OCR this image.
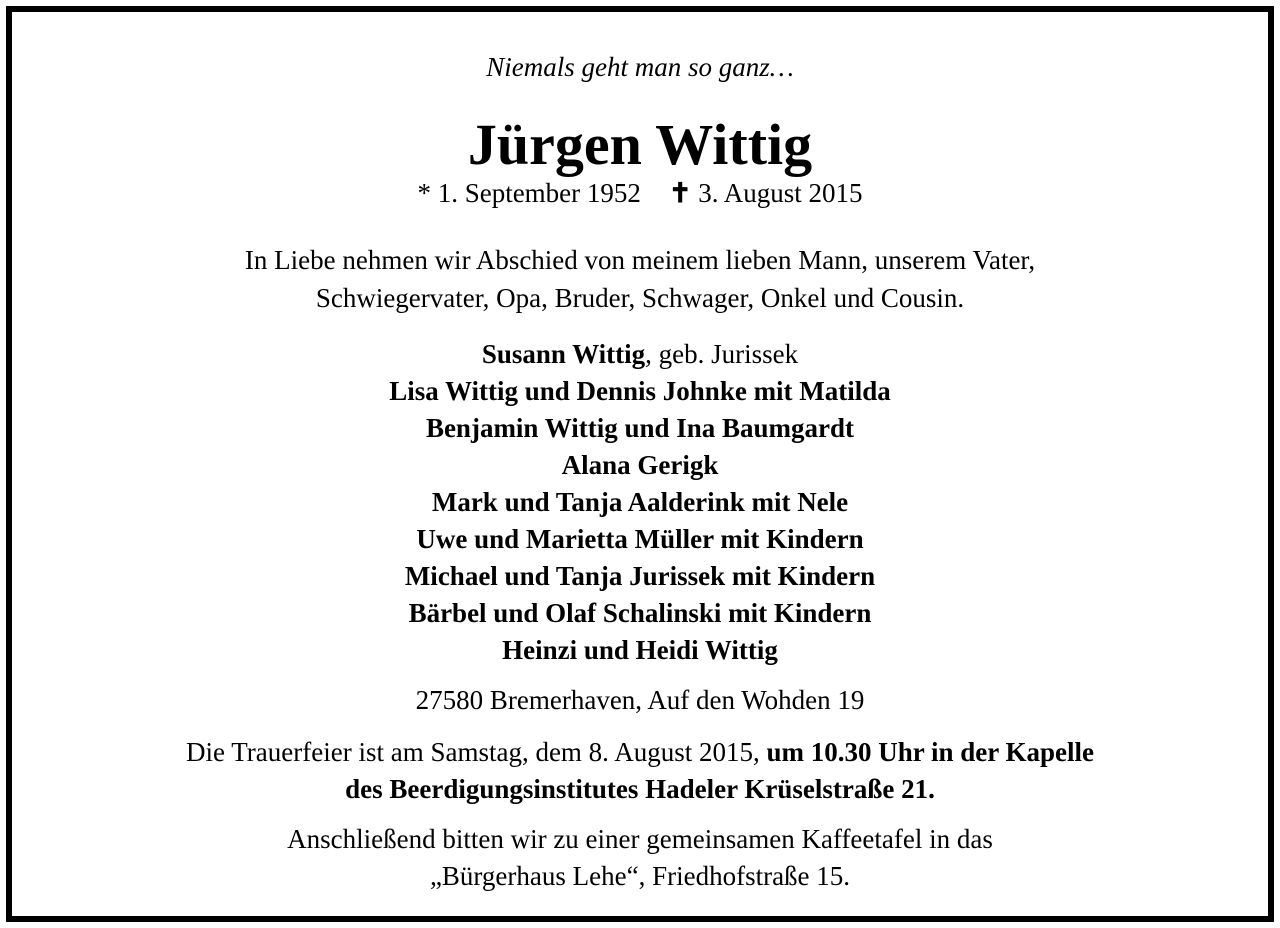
Niemals geht man so ganz…
Jürgen Wittig
* 1. September 1952 ✝ 3. August 2015
In Liebe nehmen wir Abschied von meinem lieben Mann, unserem Vater,
Schwiegervater, Opa, Bruder, Schwager, Onkel und Cousin.
Susann Wittig, geb. Jurissek
Lisa Wittig und Dennis Johnke mit Matilda
Benjamin Wittig und Ina Baumgardt
Alana Gerigk
Mark und Tanja Aalderink mit Nele
Uwe und Marietta Müller mit Kindern
Michael und Tanja Jurissek mit Kindern
Bärbel und Olaf Schalinski mit Kindern
Heinzi und Heidi Wittig
27580 Bremerhaven, Auf den Wohden 19
Die Trauerfeier ist am Samstag, dem 8. August 2015, um 10.30 Uhr in der Kapelle
des Beerdigungsinstitutes Hadeler Krüselstraße 21.
Anschließend bitten wir zu einer gemeinsamen Kaffeetafel in das
„Bürgerhaus Lehe“, Friedhofstraße 15.
